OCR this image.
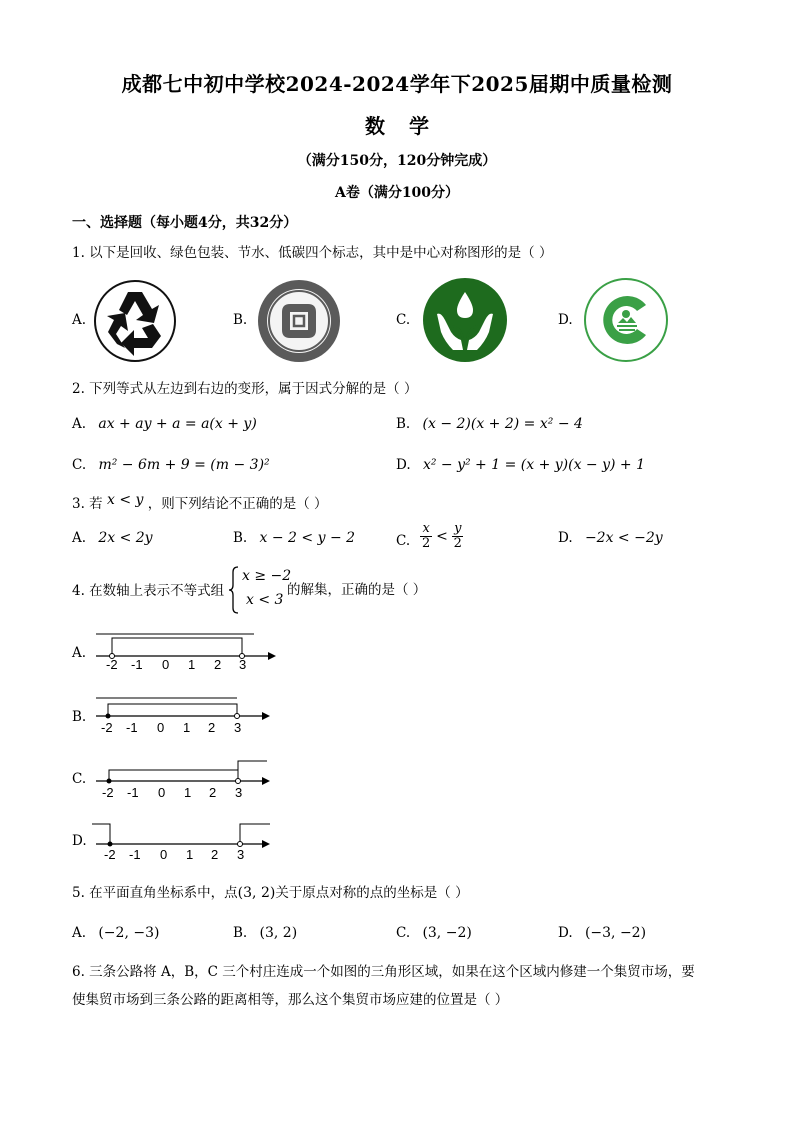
成都七中初中学校2024-2024学年下2025届期中质量检测
数学
（满分150分，120分钟完成）
A卷（满分100分）
一、选择题（每小题4分，共32分）
1. 以下是回收、绿色包装、节水、低碳四个标志，其中是中心对称图形的是（ ）
A.	B.	C.	D.
2. 下列等式从左边到右边的变形，属于因式分解的是（ ）
A. ax + ay + a = a(x + y)	B. (x − 2)(x + 2) = x² − 4
C. m² − 6m + 9 = (m − 3)²	D. x² − y² + 1 = (x + y)(x − y) + 1
3. 若 x < y ，则下列结论不正确的是（ ）
A. 2x < 2y	B. x − 2 < y − 2	C. $\frac{x}{2} < \frac{y}{2}$	D. −2x < −2y
4. 在数轴上表示不等式组
x ≥ −2
x < 3
的解集，正确的是（ ）
A.
-2 -1 0 1 2 3
B.
-2 -1 0 1 2 3
C.
-2 -1 0 1 2 3
D.
-2 -1 0 1 2 3
5. 在平面直角坐标系中，点(3, 2)关于原点对称的点的坐标是（ ）
A. (−2, −3)	B. (3, 2)	C. (3, −2)	D. (−3, −2)
6. 三条公路将 A，B，C 三个村庄连成一个如图的三角形区域，如果在这个区域内修建一个集贸市场，要
使集贸市场到三条公路的距离相等，那么这个集贸市场应建的位置是（ ）
